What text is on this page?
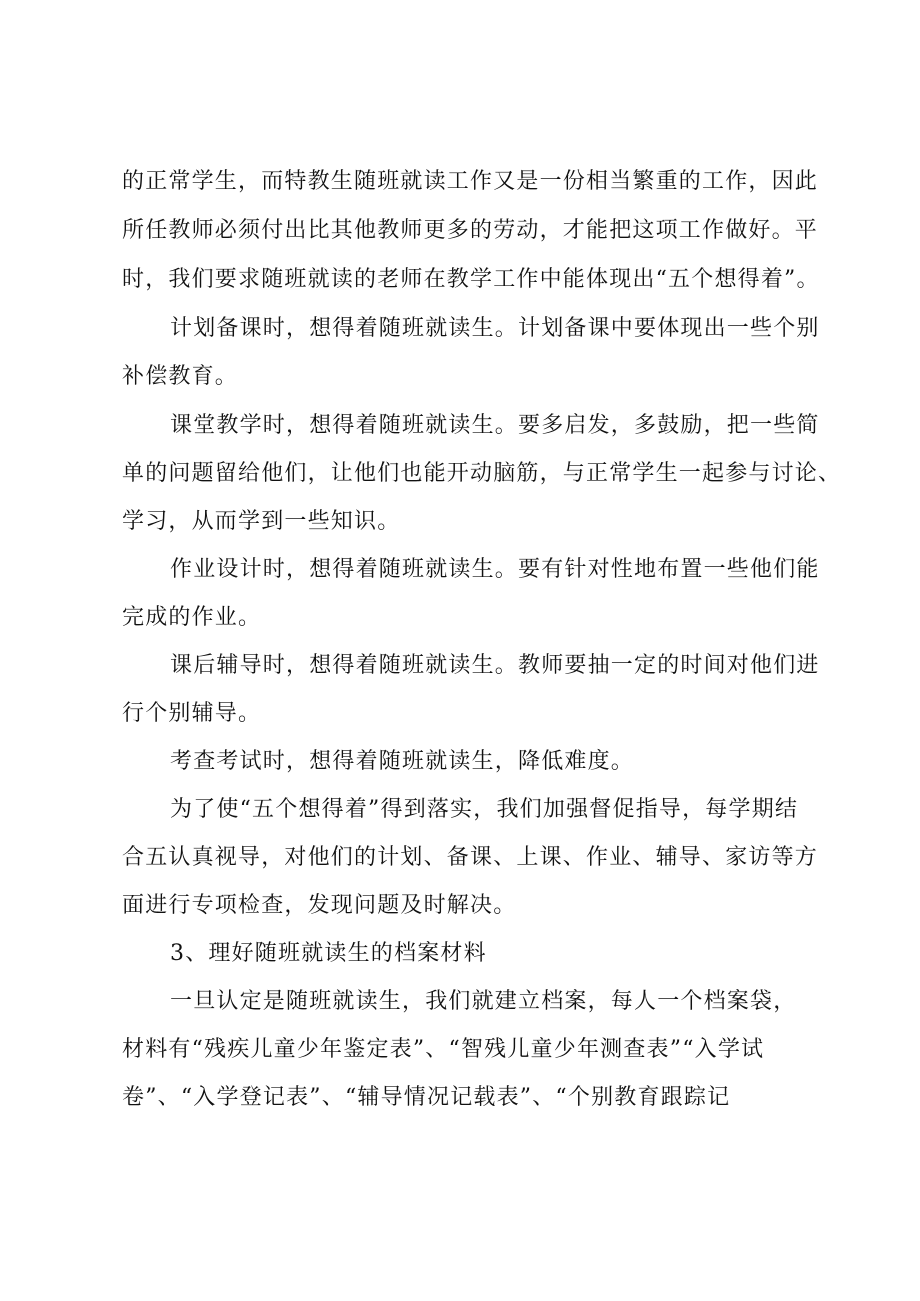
的正常学生，而特教生随班就读工作又是一份相当繁重的工作，因此
所任教师必须付出比其他教师更多的劳动，才能把这项工作做好。平
时，我们要求随班就读的老师在教学工作中能体现出“五个想得着”。
计划备课时，想得着随班就读生。计划备课中要体现出一些个别
补偿教育。
课堂教学时，想得着随班就读生。要多启发，多鼓励，把一些简
单的问题留给他们，让他们也能开动脑筋，与正常学生一起参与讨论、
学习，从而学到一些知识。
作业设计时，想得着随班就读生。要有针对性地布置一些他们能
完成的作业。
课后辅导时，想得着随班就读生。教师要抽一定的时间对他们进
行个别辅导。
考查考试时，想得着随班就读生，降低难度。
为了使“五个想得着”得到落实，我们加强督促指导，每学期结
合五认真视导，对他们的计划、备课、上课、作业、辅导、家访等方
面进行专项检查，发现问题及时解决。
3、理好随班就读生的档案材料
一旦认定是随班就读生，我们就建立档案，每人一个档案袋，
材料有“残疾儿童少年鉴定表”、“智残儿童少年测查表”“入学试
卷”、“入学登记表”、“辅导情况记载表”、“个别教育跟踪记
